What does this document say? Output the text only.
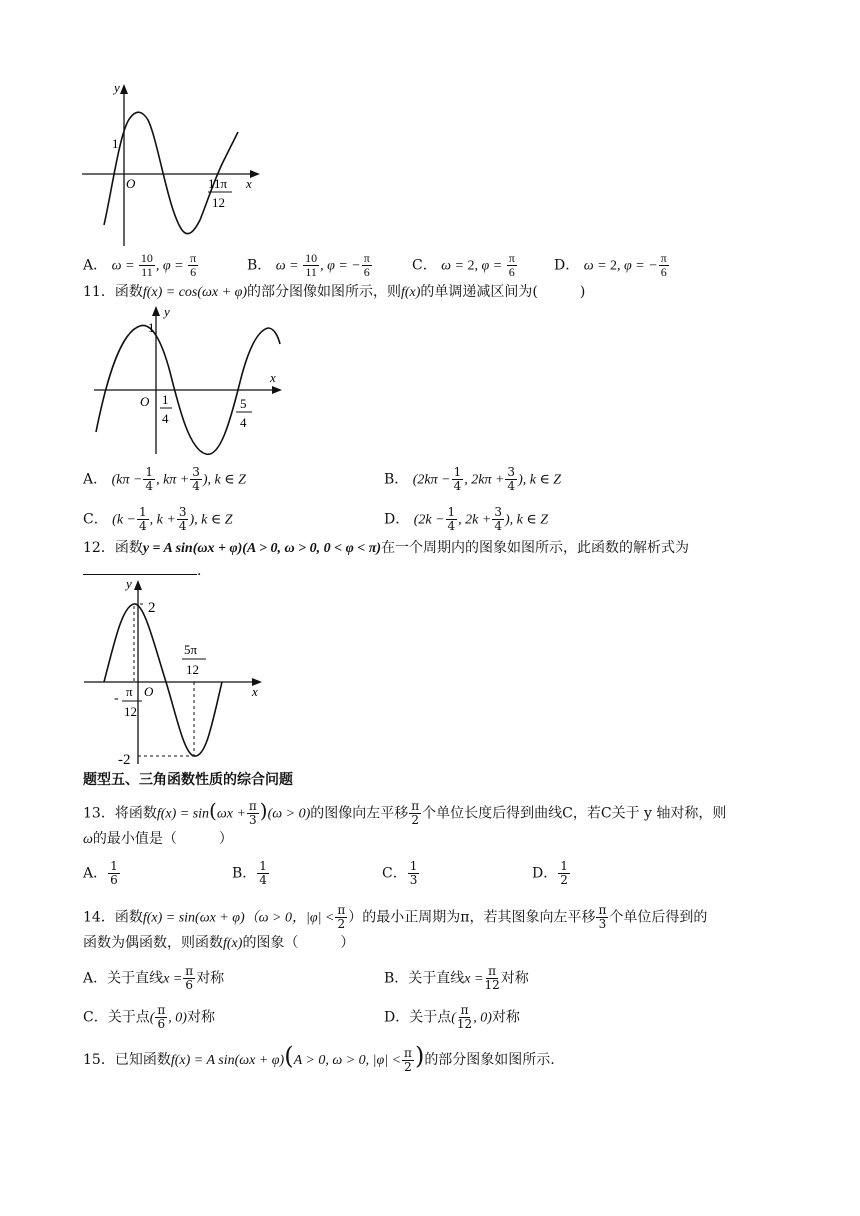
y
x
O
1
11π
12
A． $\omega = \frac{10}{11}$ , $\varphi = \frac{\pi}{6}$	B． $\omega = \frac{10}{11}$ , φ = − $\frac{\pi}{6}$	C． ω = 2, $\varphi = \frac{\pi}{6}$	D． ω = 2, φ = − $\frac{\pi}{6}$
11．函数f(x) = cos(ωx + φ)的部分图像如图所示，则f(x)的单调递减区间为(　　　)
y
x
O
1
1
4
5
4
A． ($k\pi - \frac{1}{4}$ , $k\pi + \frac{3}{4}$ ), k ∈ Z	B． ($2k\pi - \frac{1}{4}$ , $2k\pi + \frac{3}{4}$ ), k ∈ Z
C． ($k - \frac{1}{4}$ , $k + \frac{3}{4}$ ), k ∈ Z	D． ($2k - \frac{1}{4}$ , $2k + \frac{3}{4}$ ), k ∈ Z
12．函数y = A sin(ωx + φ)(A > 0, ω > 0, 0 < φ < π)在一个周期内的图象如图所示，此函数的解析式为
.
y
x
O
2
-2
- π
12
5π
12
题型五、三角函数性质的综合问题
13．将函数$f(x) = \sin(\omega x + \frac{\pi}{3} )(\omega > 0)$的图像向左平移 $\frac{\pi}{2}$ 个单位长度后得到曲线C，若C关于 y 轴对称，则
ω的最小值是（　　　）
A． $\frac{1}{6}$	B． $\frac{1}{4}$	C． $\frac{1}{3}$	D． $\frac{1}{2}$
14．函数f(x) = sin(ωx + φ)（ω > 0，$|\varphi| < \frac{\pi}{2}$ ）的最小正周期为π，若其图象向左平移 $\frac{\pi}{3}$ 个单位后得到的
函数为偶函数，则函数f(x)的图象（　　　）
A．关于直线$x = \frac{\pi}{6}$ 对称	B．关于直线$x = \frac{\pi}{12}$ 对称
C．关于点( $\frac{\pi}{6}$ , 0)对称	D．关于点( $\frac{\pi}{12}$ , 0)对称
15．已知函数f(x) = A sin(ωx + φ)(A > 0, ω > 0, $|\varphi| < \frac{\pi}{2}$ )的部分图象如图所示.
